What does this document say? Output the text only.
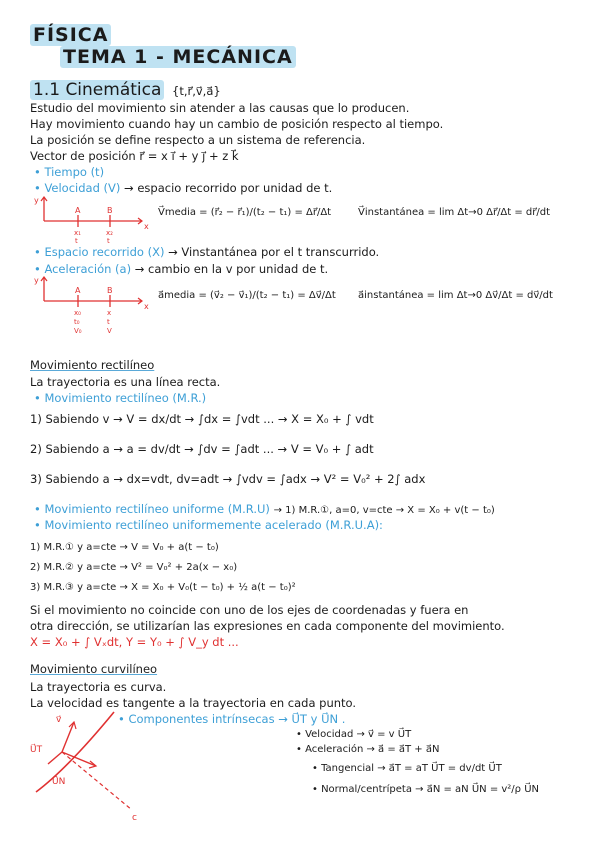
FÍSICA
TEMA 1 - MECÁNICA
1.1 Cinemática {t,r⃗,v⃗,a⃗}
Estudio del movimiento sin atender a las causas que lo producen.
Hay movimiento cuando hay un cambio de posición respecto al tiempo.
La posición se define respecto a un sistema de referencia.
Vector de posición r⃗ = x i⃗ + y j⃗ + z k⃗
• Tiempo (t)
• Velocidad (V) → espacio recorrido por unidad de t.
y
x
A	B
x₁	x₂
t	t
V⃗media = (r⃗₂ − r⃗₁)/(t₂ − t₁) = Δr⃗/Δt	V⃗instantánea = lim Δt→0 Δr⃗/Δt = dr⃗/dt
• Espacio recorrido (X) → Vinstantánea por el t transcurrido.
• Aceleración (a) → cambio en la v por unidad de t.
y
x
A	B
x₀	x
t₀	t
V₀	V
a⃗media = (v⃗₂ − v⃗₁)/(t₂ − t₁) = Δv⃗/Δt a⃗instantánea = lim Δt→0 Δv⃗/Δt = dv⃗/dt
Movimiento rectilíneo
La trayectoria es una línea recta.
• Movimiento rectilíneo (M.R.)
1) Sabiendo v → V = dx/dt → ∫dx = ∫vdt ... → X = X₀ + ∫ vdt
2) Sabiendo a → a = dv/dt → ∫dv = ∫adt ... → V = V₀ + ∫ adt
3) Sabiendo a → dx=vdt, dv=adt → ∫vdv = ∫adx → V² = V₀² + 2∫ adx
• Movimiento rectilíneo uniforme (M.R.U) → 1) M.R.①, a=0, v=cte → X = X₀ + v(t − t₀)
• Movimiento rectilíneo uniformemente acelerado (M.R.U.A):
1) M.R.① y a=cte → V = V₀ + a(t − t₀)
2) M.R.② y a=cte → V² = V₀² + 2a(x − x₀)
3) M.R.③ y a=cte → X = X₀ + V₀(t − t₀) + ½ a(t − t₀)²
Si el movimiento no coincide con uno de los ejes de coordenadas y fuera en
otra dirección, se utilizarían las expresiones en cada componente del movimiento.
X = X₀ + ∫ Vₓdt, Y = Y₀ + ∫ V_y dt ...
Movimiento curvilíneo
La trayectoria es curva.
La velocidad es tangente a la trayectoria en cada punto.
v⃗
U⃗T
U⃗N
c
• Componentes intrínsecas → U⃗T y U⃗N .
• Velocidad → v⃗ = v U⃗T
• Aceleración → a⃗ = a⃗T + a⃗N
• Tangencial → a⃗T = aT U⃗T = dv/dt U⃗T
• Normal/centrípeta → a⃗N = aN U⃗N = v²/ρ U⃗N
